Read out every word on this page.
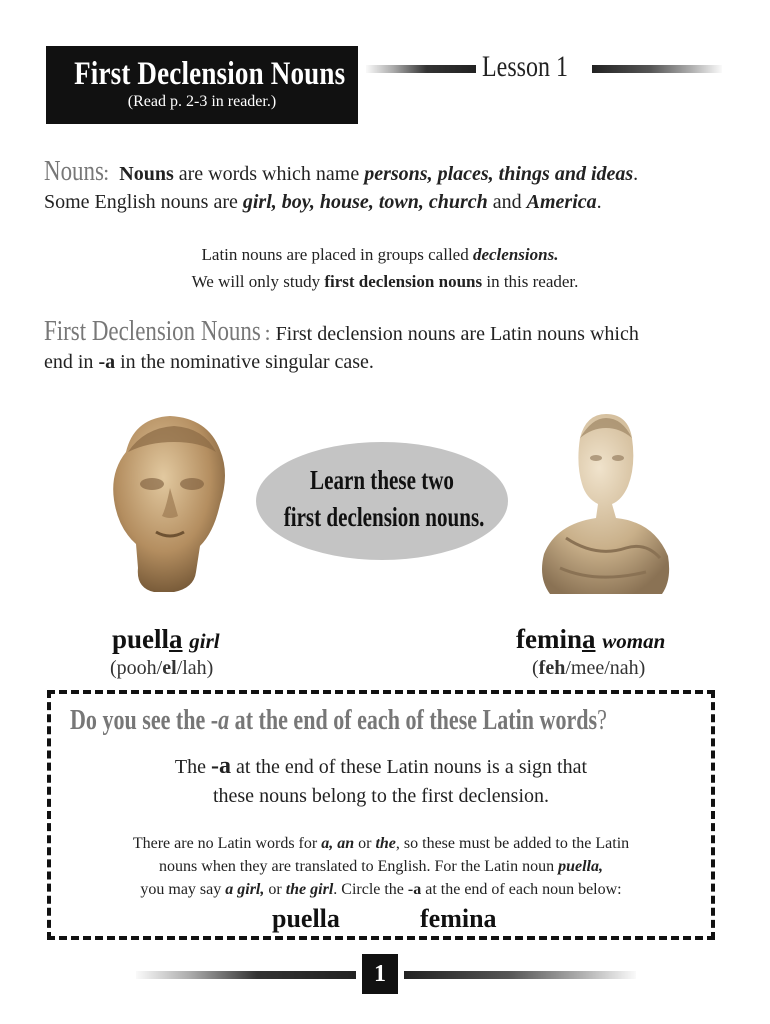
First Declension Nouns
(Read p. 2-3 in reader.)
Lesson 1
Nouns: Nouns are words which name persons, places, things and ideas.
Some English nouns are girl, boy, house, town, church and America.
Latin nouns are placed in groups called declensions.
We will only study first declension nouns in this reader.
First Declension Nouns : First declension nouns are Latin nouns which
end in -a in the nominative singular case.
Learn these two
first declension nouns.
puella girl
(pooh/el/lah)
femina woman
(feh/mee/nah)
Do you see the -a at the end of each of these Latin words?
The -a at the end of these Latin nouns is a sign that
these nouns belong to the first declension.
There are no Latin words for a, an or the, so these must be added to the Latin
nouns when they are translated to English. For the Latin noun puella,
you may say a girl, or the girl. Circle the -a at the end of each noun below:
puella	femina
1
